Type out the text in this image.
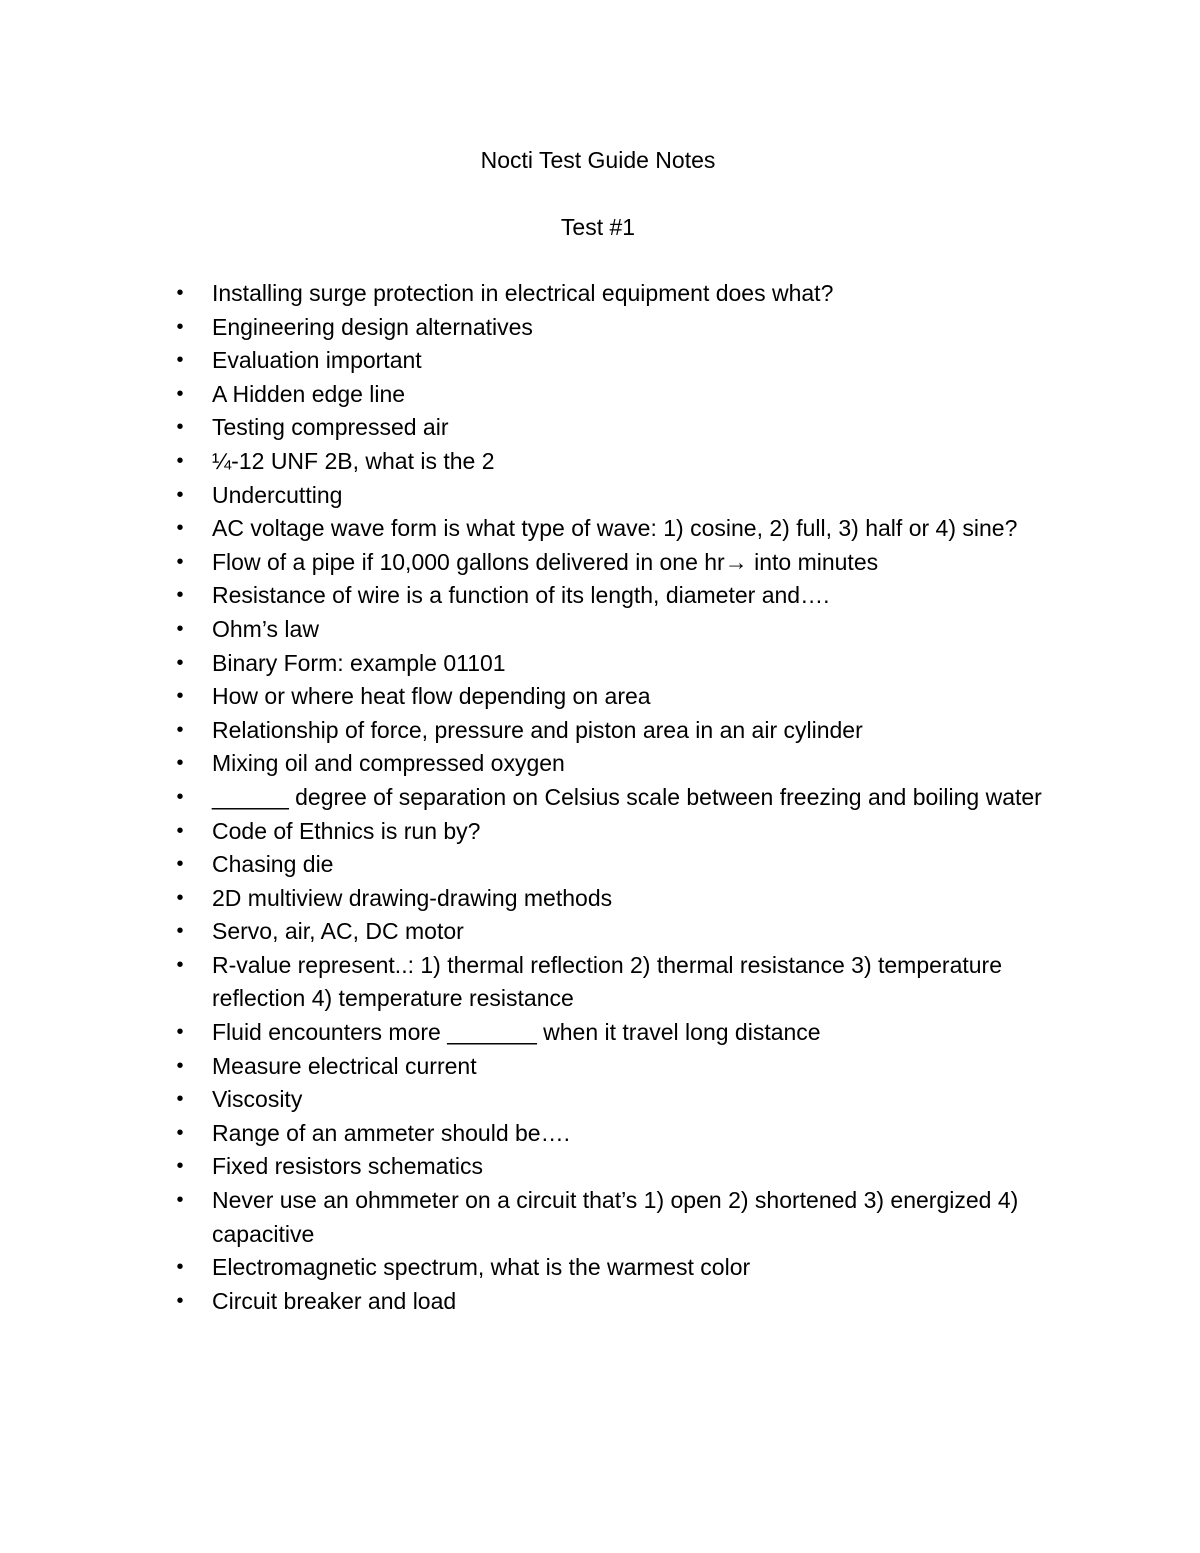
Nocti Test Guide Notes
Test #1
• Installing surge protection in electrical equipment does what?
• Engineering design alternatives
• Evaluation important
• A Hidden edge line
• Testing compressed air
• ¼-12 UNF 2B, what is the 2
• Undercutting
• AC voltage wave form is what type of wave: 1) cosine, 2) full, 3) half or 4) sine?
• Flow of a pipe if 10,000 gallons delivered in one hr→ into minutes
• Resistance of wire is a function of its length, diameter and….
• Ohm’s law
• Binary Form: example 01101
• How or where heat flow depending on area
• Relationship of force, pressure and piston area in an air cylinder
• Mixing oil and compressed oxygen
• ______ degree of separation on Celsius scale between freezing and boiling water
• Code of Ethnics is run by?
• Chasing die
• 2D multiview drawing-drawing methods
• Servo, air, AC, DC motor
• R-value represent..: 1) thermal reflection 2) thermal resistance 3) temperature reflection 4) temperature resistance
• Fluid encounters more _______ when it travel long distance
• Measure electrical current
• Viscosity
• Range of an ammeter should be….
• Fixed resistors schematics
• Never use an ohmmeter on a circuit that’s 1) open 2) shortened 3) energized 4) capacitive
• Electromagnetic spectrum, what is the warmest color
• Circuit breaker and load
